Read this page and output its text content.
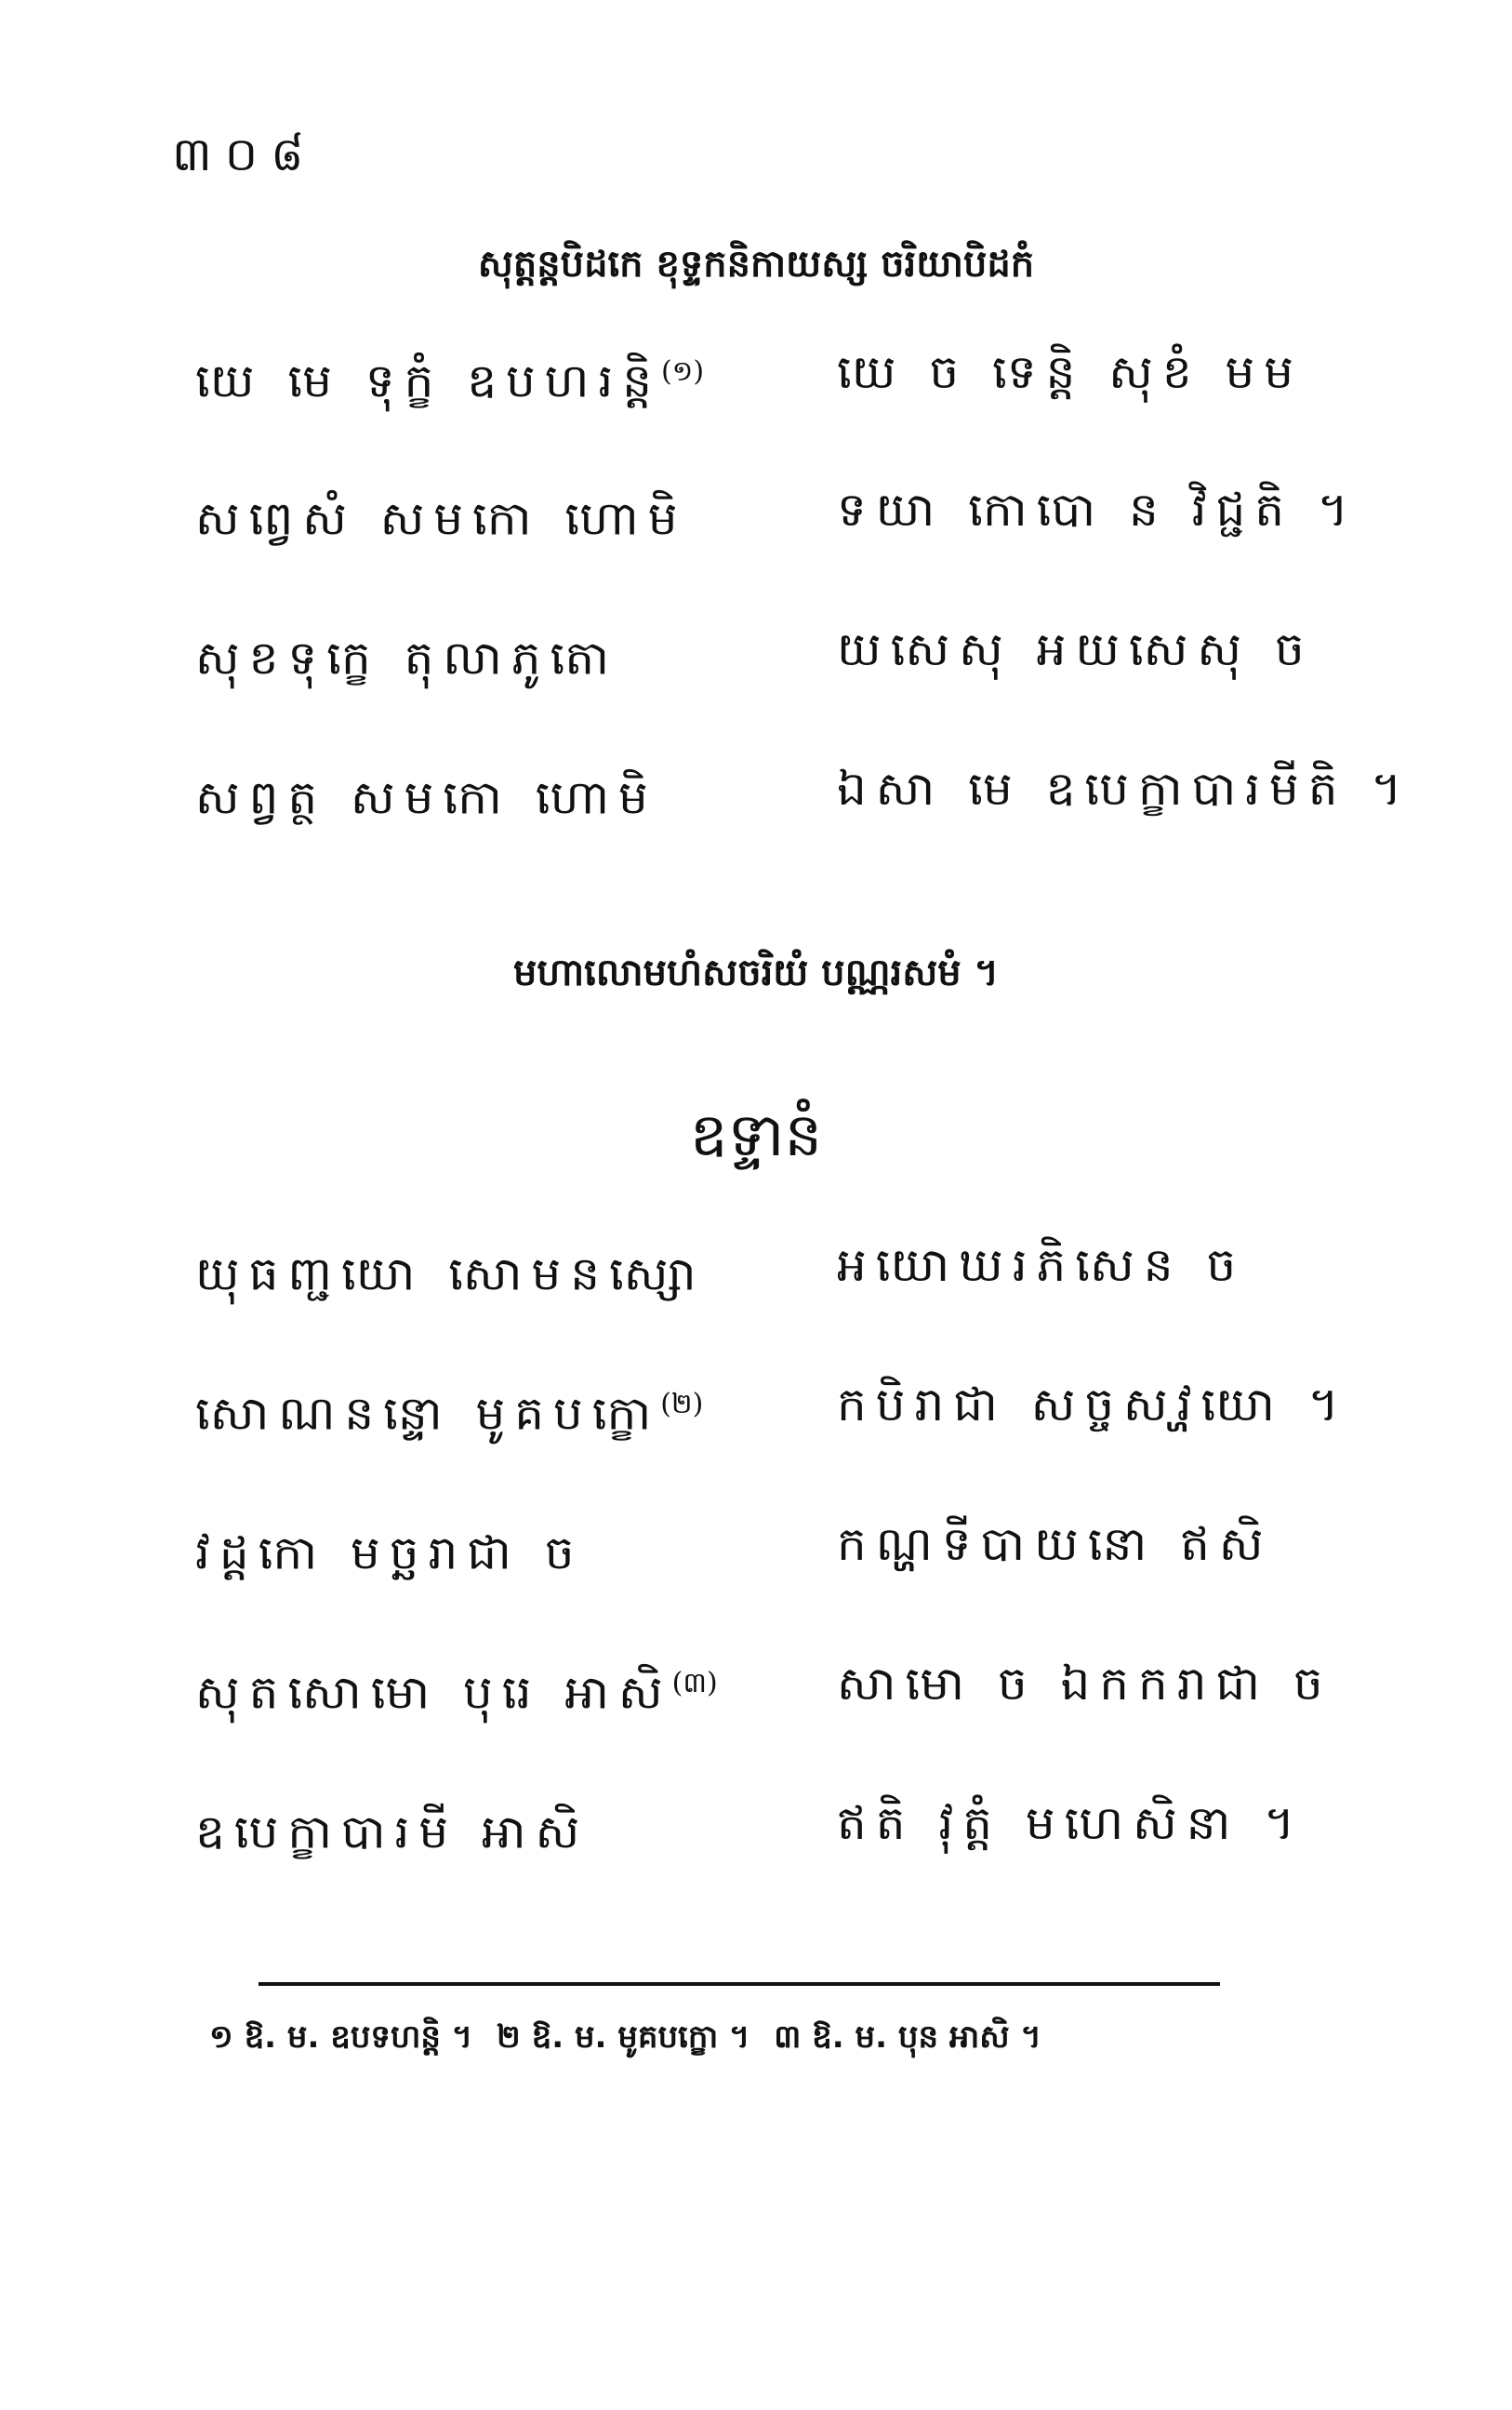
៣០៨
សុត្តន្តបិដកេ ខុទ្ទកនិកាយស្ស ចរិយាបិដកំ
យេ មេ ទុក្ខំ ឧបហរន្តិ$^{(១)}$	យេ ច ទេន្តិ សុខំ មម
សព្វេសំ សមកោ ហោមិ	ទយា កោបោ ន វិជ្ជតិ ។
សុខទុក្ខេ តុលាភូតោ	យសេសុ អយសេសុ ច
សព្វត្ថ សមកោ ហោមិ	ឯសា មេ ឧបេក្ខាបារមីតិ ។
មហាលោមហំសចរិយំ បណ្ណរសមំ ។
ឧទ្ទានំ
យុធញ្ជយោ សោមនស្សោ	អយោឃរភិសេន ច
សោណនន្ទោ មូគបក្ខោ$^{(២)}$	កបិរាជា សច្ចសវ្ហយោ ។
វដ្តកោ មច្ឆរាជា ច	កណ្ហទីបាយនោ ឥសិ
សុតសោមោ បុរេ អាសិ$^{(៣)}$	សាមោ ច ឯកករាជា ច
ឧបេក្ខាបារមី អាសិ	ឥតិ វុត្តំ មហេសិនា ។
១ ឱ. ម. ឧបទហន្តិ ។ ២ ឱ. ម. មូគបក្ខោ ។ ៣ ឱ. ម. បុន អាសិ ។
